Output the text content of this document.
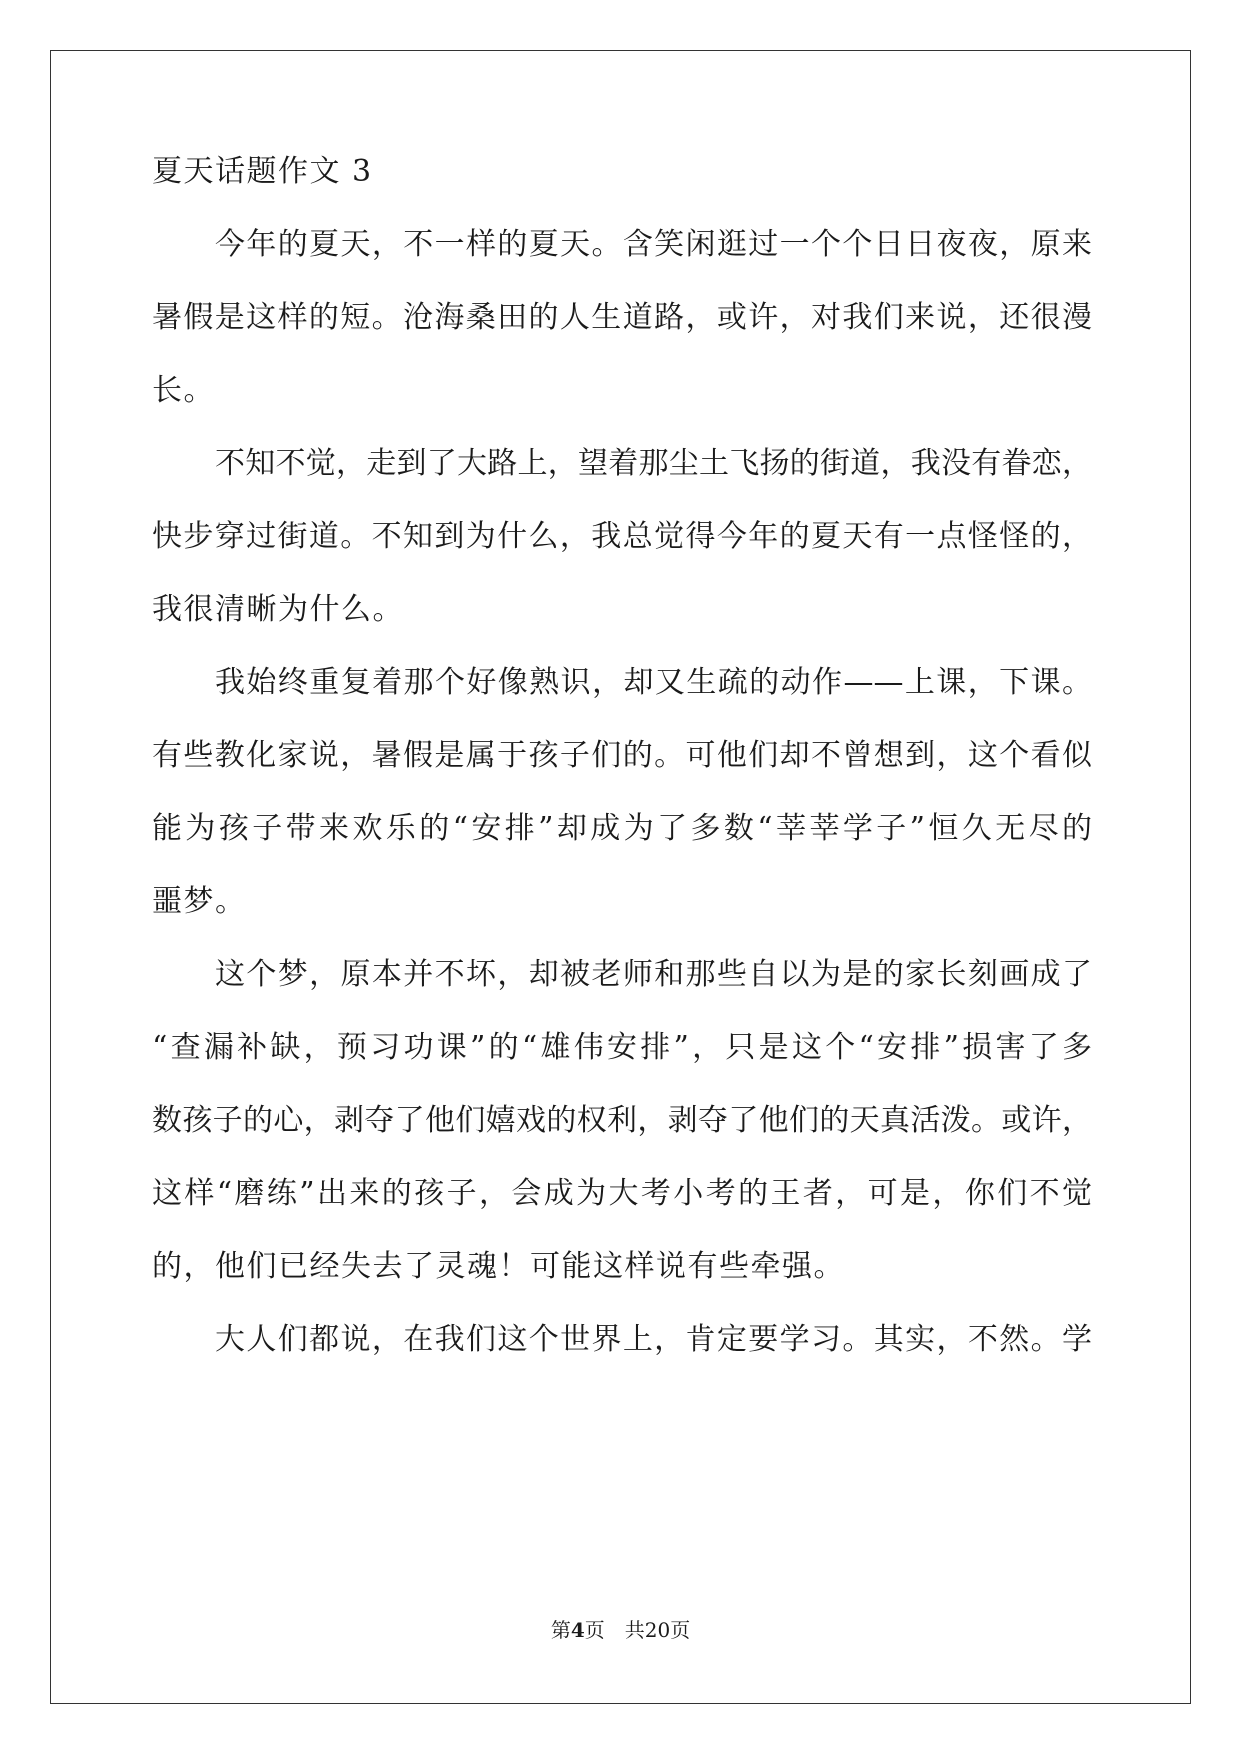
夏天话题作文 3
今年的夏天，不一样的夏天。含笑闲逛过一个个日日夜夜，原来
暑假是这样的短。沧海桑田的人生道路，或许，对我们来说，还很漫
长。
不知不觉，走到了大路上，望着那尘土飞扬的街道，我没有眷恋，
快步穿过街道。不知到为什么，我总觉得今年的夏天有一点怪怪的，
我很清晰为什么。
我始终重复着那个好像熟识，却又生疏的动作——上课，下课。
有些教化家说，暑假是属于孩子们的。可他们却不曾想到，这个看似
能为孩子带来欢乐的“安排”却成为了多数“莘莘学子”恒久无尽的
噩梦。
这个梦，原本并不坏，却被老师和那些自以为是的家长刻画成了
“查漏补缺，预习功课”的“雄伟安排”，只是这个“安排”损害了多
数孩子的心，剥夺了他们嬉戏的权利，剥夺了他们的天真活泼。或许，
这样“磨练”出来的孩子，会成为大考小考的王者，可是，你们不觉
的，他们已经失去了灵魂！可能这样说有些牵强。
大人们都说，在我们这个世界上，肯定要学习。其实，不然。学
第4页　共20页
